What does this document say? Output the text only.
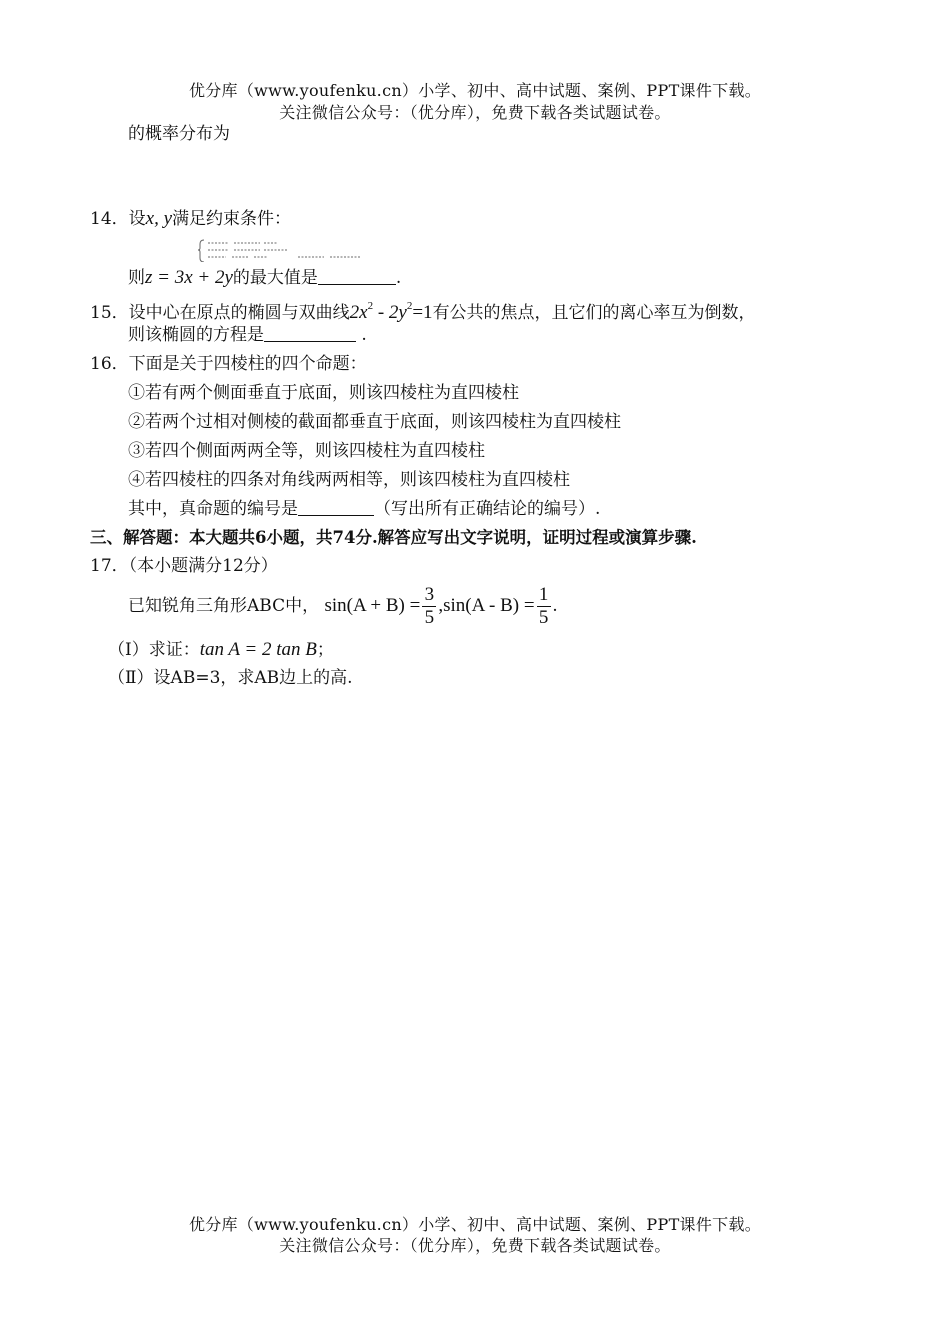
优分库（www.youfenku.cn）小学、初中、高中试题、案例、PPT课件下载。
关注微信公众号：（优分库），免费下载各类试题试卷。
的概率分布为
14．设x, y满足约束条件：
则z = 3x + 2y的最大值是	.
15．设中心在原点的椭圆与双曲线$2x^2 - 2y^2=1$有公共的焦点，且它们的离心率互为倒数，
则该椭圆的方程是	.
16．下面是关于四棱柱的四个命题：
①若有两个侧面垂直于底面，则该四棱柱为直四棱柱
②若两个过相对侧棱的截面都垂直于底面，则该四棱柱为直四棱柱
③若四个侧面两两全等，则该四棱柱为直四棱柱
④若四棱柱的四条对角线两两相等，则该四棱柱为直四棱柱
其中，真命题的编号是	（写出所有正确结论的编号）.
三、解答题：本大题共6小题，共74分.解答应写出文字说明，证明过程或演算步骤.
17．（本小题满分12分）
已知锐角三角形ABC中， $\sin(A + B) = \frac{3}{5} ,\sin(A - B) = \frac{1}{5}$ .
（Ⅰ）求证：tan A = 2 tan B；
（Ⅱ）设AB=3，求AB边上的高.
优分库（www.youfenku.cn）小学、初中、高中试题、案例、PPT课件下载。
关注微信公众号：（优分库），免费下载各类试题试卷。
